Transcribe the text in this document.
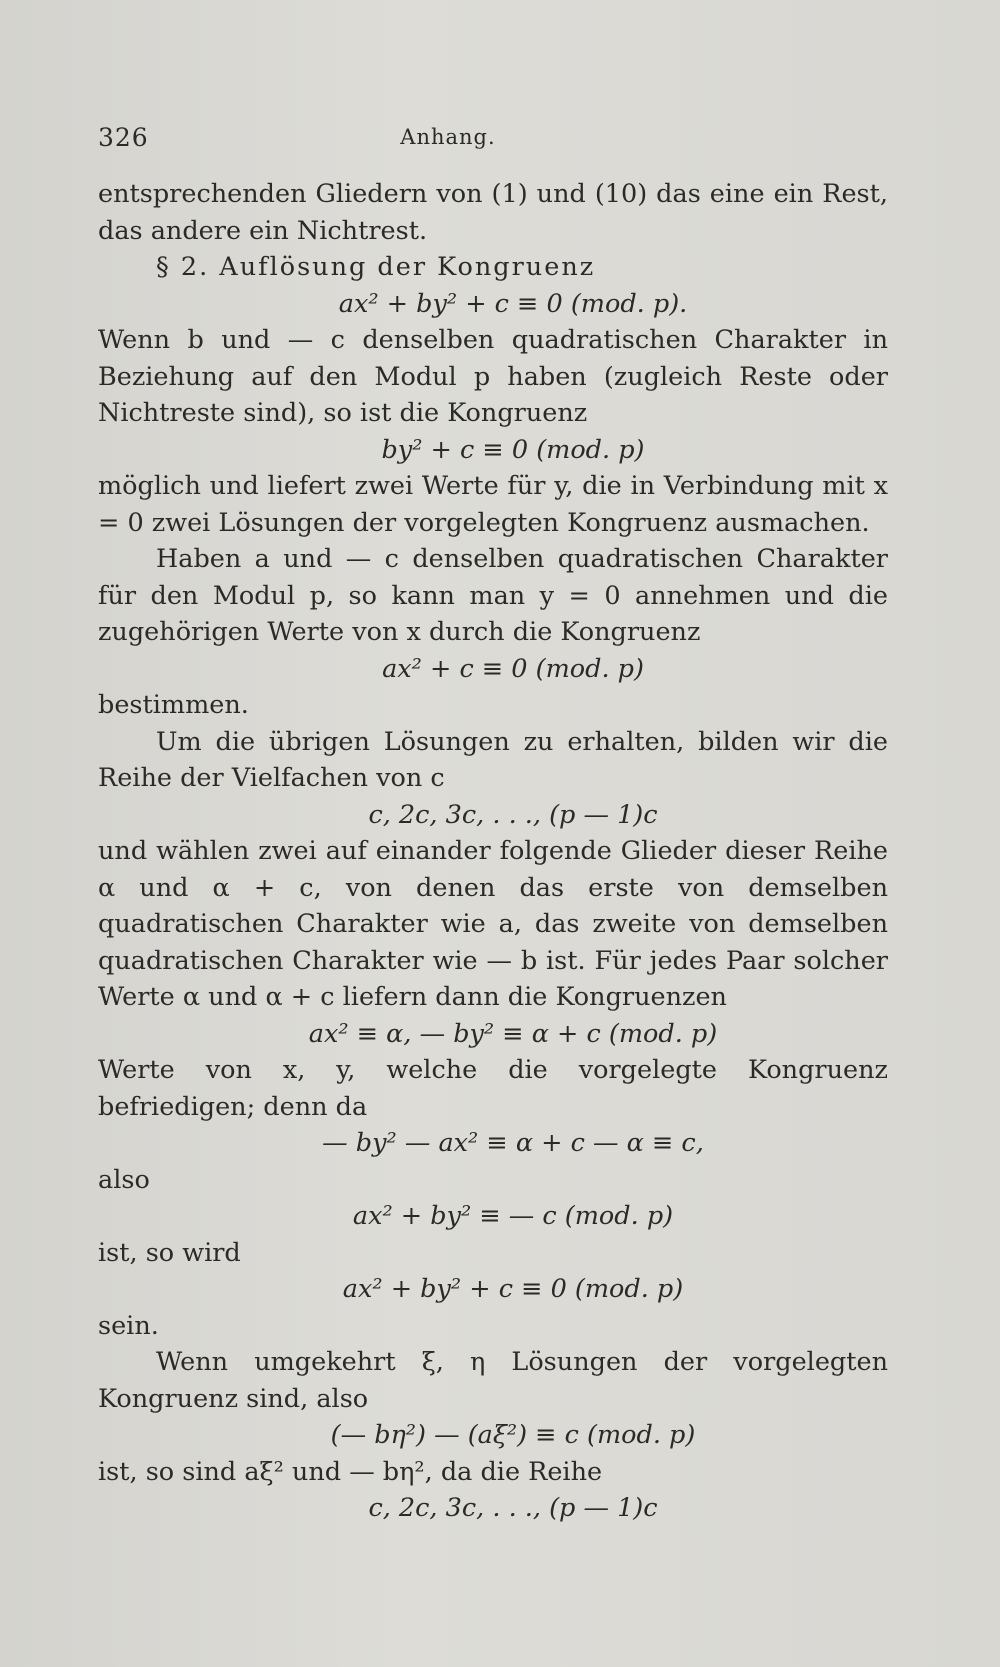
326	Anhang.

entsprechenden Gliedern von (1) und (10) das eine ein Rest, das andere ein Nichtrest.

§ 2. Auflösung der Kongruenz

ax² + by² + c ≡ 0 (mod. p).

Wenn b und — c denselben quadratischen Charakter in Beziehung auf den Modul p haben (zugleich Reste oder Nichtreste sind), so ist die Kongruenz

by² + c ≡ 0 (mod. p)

möglich und liefert zwei Werte für y, die in Verbindung mit x = 0 zwei Lösungen der vorgelegten Kongruenz ausmachen.

Haben a und — c denselben quadratischen Charakter für den Modul p, so kann man y = 0 annehmen und die zugehörigen Werte von x durch die Kongruenz

ax² + c ≡ 0 (mod. p)

bestimmen.

Um die übrigen Lösungen zu erhalten, bilden wir die Reihe der Vielfachen von c

c, 2c, 3c, . . ., (p — 1)c

und wählen zwei auf einander folgende Glieder dieser Reihe α und α + c, von denen das erste von demselben quadratischen Charakter wie a, das zweite von demselben quadratischen Charakter wie — b ist. Für jedes Paar solcher Werte α und α + c liefern dann die Kongruenzen

ax² ≡ α, — by² ≡ α + c (mod. p)

Werte von x, y, welche die vorgelegte Kongruenz befriedigen; denn da

— by² — ax² ≡ α + c — α ≡ c,

also

ax² + by² ≡ — c (mod. p)

ist, so wird

ax² + by² + c ≡ 0 (mod. p)

sein.

Wenn umgekehrt ξ, η Lösungen der vorgelegten Kongruenz sind, also

(— bη²) — (aξ²) ≡ c (mod. p)

ist, so sind aξ² und — bη², da die Reihe

c, 2c, 3c, . . ., (p — 1)c
